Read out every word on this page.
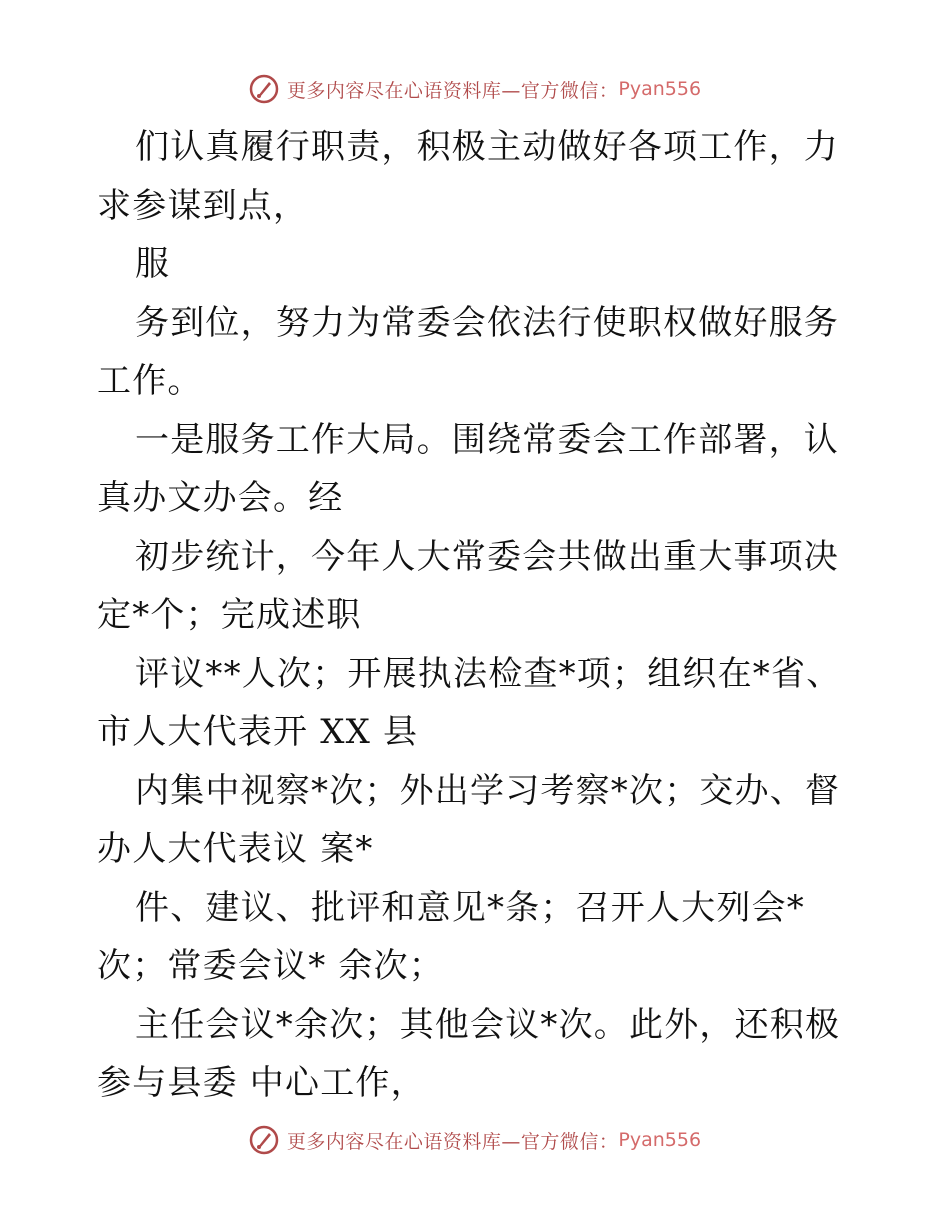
更多内容尽在心语资料库—官方微信： Pyan556

们认真履行职责，积极主动做好各项工作，力求参谋到点，

服

务到位，努力为常委会依法行使职权做好服务工作。

一是服务工作大局。围绕常委会工作部署，认真办文办会。经

初步统计，今年人大常委会共做出重大事项决定*个；完成述职

评议**人次；开展执法检查*项；组织在*省、市人大代表开 XX 县

内集中视察*次；外出学习考察*次；交办、督办人大代表议 案*

件、建议、批评和意见*条；召开人大列会*次；常委会议* 余次；

主任会议*余次；其他会议*次。此外，还积极参与县委 中心工作，

更多内容尽在心语资料库—官方微信： Pyan556
